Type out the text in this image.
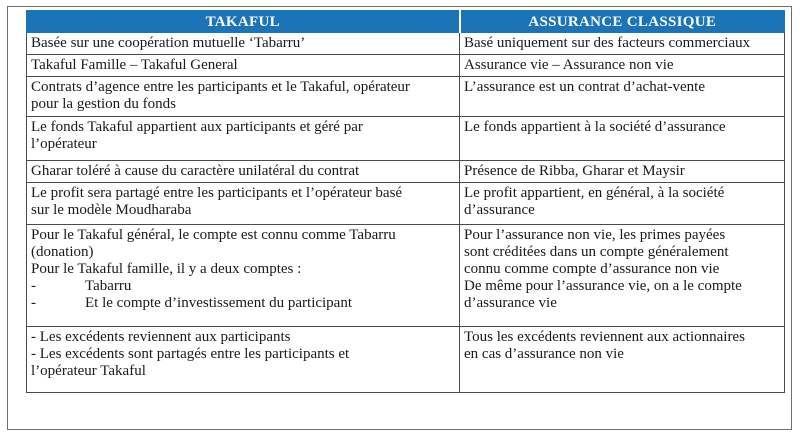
TAKAFUL	ASSURANCE CLASSIQUE

Basée sur une coopération mutuelle ‘Tabarru’	Basé uniquement sur des facteurs commerciaux

Takaful Famille – Takaful General	Assurance vie – Assurance non vie

Contrats d’agence entre les participants et le Takaful, opérateur
pour la gestion du fonds	L’assurance est un contrat d’achat-vente

Le fonds Takaful appartient aux participants et géré par
l’opérateur	Le fonds appartient à la société d’assurance

Gharar toléré à cause du caractère unilatéral du contrat	Présence de Ribba, Gharar et Maysir

Le profit sera partagé entre les participants et l’opérateur basé
sur le modèle Moudharaba	Le profit appartient, en général, à la société
d’assurance

Pour le Takaful général, le compte est connu comme Tabarru
(donation)
Pour le Takaful famille, il y a deux comptes :
- Tabarru
- Et le compte d’investissement du participant	Pour l’assurance non vie, les primes payées
sont créditées dans un compte généralement
connu comme compte d’assurance non vie
De même pour l’assurance vie, on a le compte
d’assurance vie

- Les excédents reviennent aux participants
- Les excédents sont partagés entre les participants et
l’opérateur Takaful	Tous les excédents reviennent aux actionnaires
en cas d’assurance non vie
